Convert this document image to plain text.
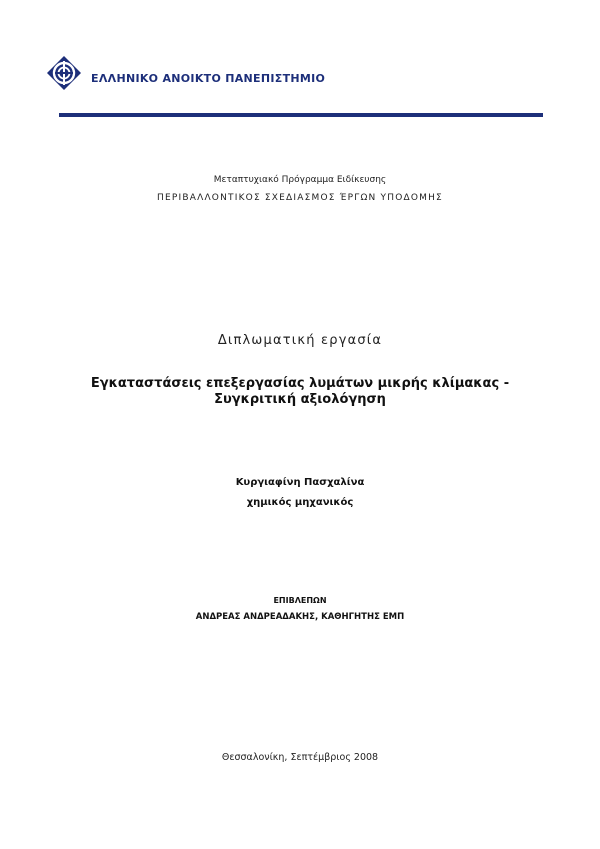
ΕΛΛΗΝΙΚΟ ΑΝΟΙΚΤΟ ΠΑΝΕΠΙΣΤΗΜΙΟ
Μεταπτυχιακό Πρόγραμμα Ειδίκευσης
ΠΕΡΙΒΑΛΛΟΝΤΙΚΟΣ ΣΧΕΔΙΑΣΜΟΣ ΈΡΓΩΝ ΥΠΟΔΟΜΗΣ
Διπλωματική εργασία
Εγκαταστάσεις επεξεργασίας λυμάτων μικρής κλίμακας -
Συγκριτική αξιολόγηση
Κυργιαφίνη Πασχαλίνα
χημικός μηχανικός
ΕΠΙΒΛΕΠΩΝ
ΑΝΔΡΕΑΣ ΑΝΔΡΕΑΔΑΚΗΣ, ΚΑΘΗΓΗΤΗΣ ΕΜΠ
Θεσσαλονίκη, Σεπτέμβριος 2008
